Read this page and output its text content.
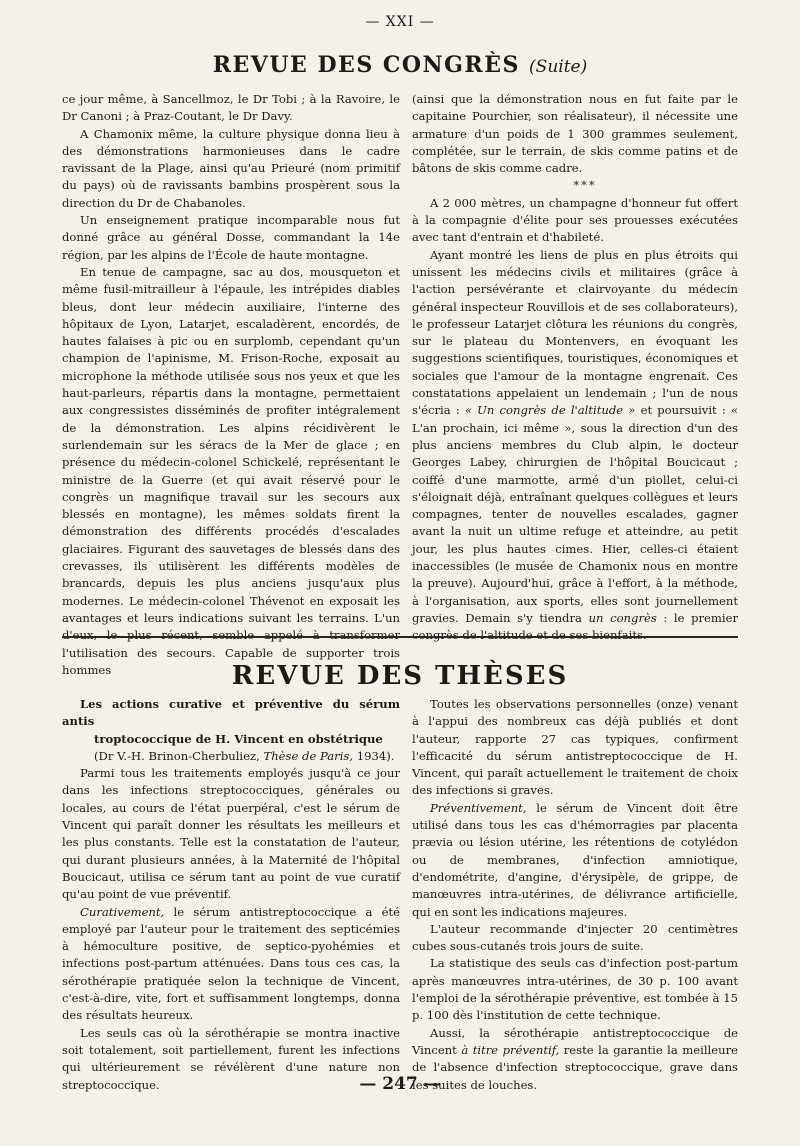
— XXI —
REVUE DES CONGRÈS (Suite)

ce jour même, à Sancellmoz, le Dr Tobi ; à la Ravoire, le Dr Canoni ; à Praz-Coutant, le Dr Davy.

A Chamonix même, la culture physique donna lieu à des démonstrations harmonieuses dans le cadre ravissant de la Plage, ainsi qu'au Prieuré (nom primitif du pays) où de ravissants bambins prospèrent sous la direction du Dr de Chabanoles.

Un enseignement pratique incomparable nous fut donné grâce au général Dosse, commandant la 14e région, par les alpins de l'École de haute montagne.

En tenue de campagne, sac au dos, mousqueton et même fusil-mitrailleur à l'épaule, les intrépides diables bleus, dont leur médecin auxiliaire, l'interne des hôpitaux de Lyon, Latarjet, escaladèrent, encordés, de hautes falaises à pic ou en surplomb, cependant qu'un champion de l'apinisme, M. Frison-Roche, exposait au microphone la méthode utilisée sous nos yeux et que les haut-parleurs, répartis dans la montagne, permettaient aux congressistes disséminés de profiter intégralement de la démonstration. Les alpins récidivèrent le surlendemain sur les séracs de la Mer de glace ; en présence du médecin-colonel Schickelé, représentant le ministre de la Guerre (et qui avait réservé pour le congrès un magnifique travail sur les secours aux blessés en montagne), les mêmes soldats firent la démonstration des différents procédés d'escalades glaciaires. Figurant des sauvetages de blessés dans des crevasses, ils utilisèrent les différents modèles de brancards, depuis les plus anciens jusqu'aux plus modernes. Le médecin-colonel Thévenot en exposait les avantages et leurs indications suivant les terrains. L'un d'eux, le plus récent, semble appelé à transformer l'utilisation des secours. Capable de supporter trois hommes

(ainsi que la démonstration nous en fut faite par le capitaine Pourchier, son réalisateur), il nécessite une armature d'un poids de 1 300 grammes seulement, complétée, sur le terrain, de skis comme patins et de bâtons de skis comme cadre.

* * *

A 2 000 mètres, un champagne d'honneur fut offert à la compagnie d'élite pour ses prouesses exécutées avec tant d'entrain et d'habileté.

Ayant montré les liens de plus en plus étroits qui unissent les médecins civils et militaires (grâce à l'action persévérante et clairvoyante du médecin général inspecteur Rouvillois et de ses collaborateurs), le professeur Latarjet clôtura les réunions du congrès, sur le plateau du Montenvers, en évoquant les suggestions scientifiques, touristiques, économiques et sociales que l'amour de la montagne engrenait. Ces constatations appelaient un lendemain ; l'un de nous s'écria : « Un congrès de l'altitude » et poursuivit : « L'an prochain, ici même », sous la direction d'un des plus anciens membres du Club alpin, le docteur Georges Labey, chirurgien de l'hôpital Boucicaut ; coiffé d'une marmotte, armé d'un piollet, celui-ci s'éloignait déjà, entraînant quelques collègues et leurs compagnes, tenter de nouvelles escalades, gagner avant la nuit un ultime refuge et atteindre, au petit jour, les plus hautes cimes. Hier, celles-ci étaient inaccessibles (le musée de Chamonix nous en montre la preuve). Aujourd'hui, grâce à l'effort, à la méthode, à l'organisation, aux sports, elles sont journellement gravies. Demain s'y tiendra un congrès : le premier congrès de l'altitude et de ses bienfaits.

REVUE DES THÈSES

Les actions curative et préventive du sérum antis
troptococcique de H. Vincent en obstétrique

(Dr V.-H. Brinon-Cherbuliez, Thèse de Paris, 1934).

Parmi tous les traitements employés jusqu'à ce jour dans les infections streptococciques, générales ou locales, au cours de l'état puerpéral, c'est le sérum de Vincent qui paraît donner les résultats les meilleurs et les plus constants. Telle est la constatation de l'auteur, qui durant plusieurs années, à la Maternité de l'hôpital Boucicaut, utilisa ce sérum tant au point de vue curatif qu'au point de vue préventif.

Curativement, le sérum antistreptococcique a été employé par l'auteur pour le traitement des septicémies à hémoculture positive, de septico-pyohémies et infections post-partum atténuées. Dans tous ces cas, la sérothérapie pratiquée selon la technique de Vincent, c'est-à-dire, vite, fort et suffisamment longtemps, donna des résultats heureux.

Les seuls cas où la sérothérapie se montra inactive soit totalement, soit partiellement, furent les infections qui ultérieurement se révélèrent d'une nature non streptococcique.

Toutes les observations personnelles (onze) venant à l'appui des nombreux cas déjà publiés et dont l'auteur, rapporte 27 cas typiques, confirment l'efficacité du sérum antistreptococcique de H. Vincent, qui paraît actuellement le traitement de choix des infections si graves.

Préventivement, le sérum de Vincent doit être utilisé dans tous les cas d'hémorragies par placenta prævia ou lésion utérine, les rétentions de cotylédon ou de membranes, d'infection amniotique, d'endométrite, d'angine, d'érysipèle, de grippe, de manœuvres intra-utérines, de délivrance artificielle, qui en sont les indications majeures.

L'auteur recommande d'injecter 20 centimètres cubes sous-cutanés trois jours de suite.

La statistique des seuls cas d'infection post-partum après manœuvres intra-utérines, de 30 p. 100 avant l'emploi de la sérothérapie préventive, est tombée à 15 p. 100 dès l'institution de cette technique.

Aussi, la sérothérapie antistreptococcique de Vincent à titre préventif, reste la garantie la meilleure de l'absence d'infection streptococcique, grave dans les suites de louches.

— 247 —
